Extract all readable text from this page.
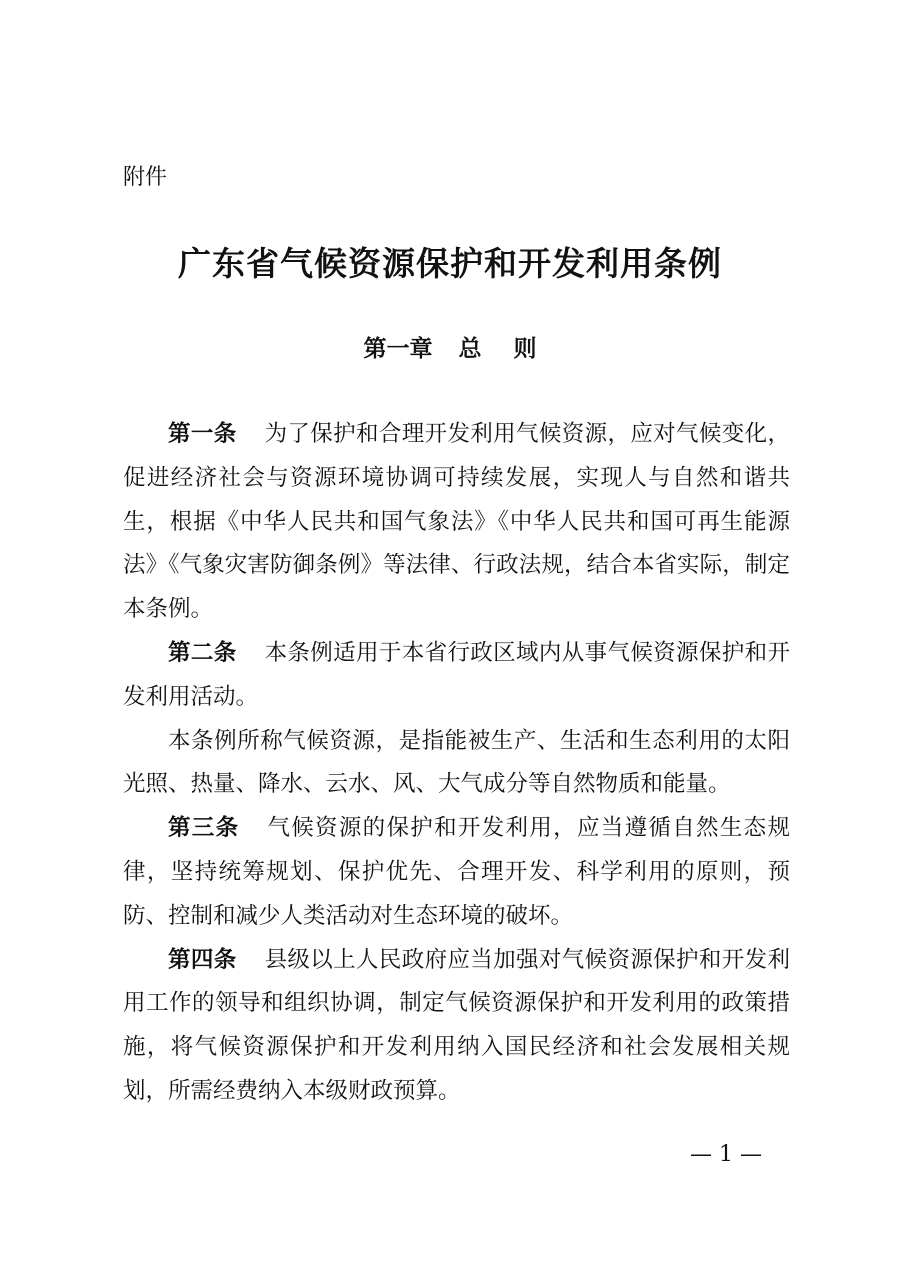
附件
广东省气候资源保护和开发利用条例
第一章 总 则

第一条 为了保护和合理开发利用气候资源，应对气候变化，促进经济社会与资源环境协调可持续发展，实现人与自然和谐共生，根据《中华人民共和国气象法》《中华人民共和国可再生能源法》《气象灾害防御条例》等法律、行政法规，结合本省实际，制定本条例。

第二条 本条例适用于本省行政区域内从事气候资源保护和开发利用活动。

本条例所称气候资源，是指能被生产、生活和生态利用的太阳光照、热量、降水、云水、风、大气成分等自然物质和能量。

第三条 气候资源的保护和开发利用，应当遵循自然生态规律，坚持统筹规划、保护优先、合理开发、科学利用的原则，预防、控制和减少人类活动对生态环境的破坏。

第四条 县级以上人民政府应当加强对气候资源保护和开发利用工作的领导和组织协调，制定气候资源保护和开发利用的政策措施，将气候资源保护和开发利用纳入国民经济和社会发展相关规划，所需经费纳入本级财政预算。

— 1 —
